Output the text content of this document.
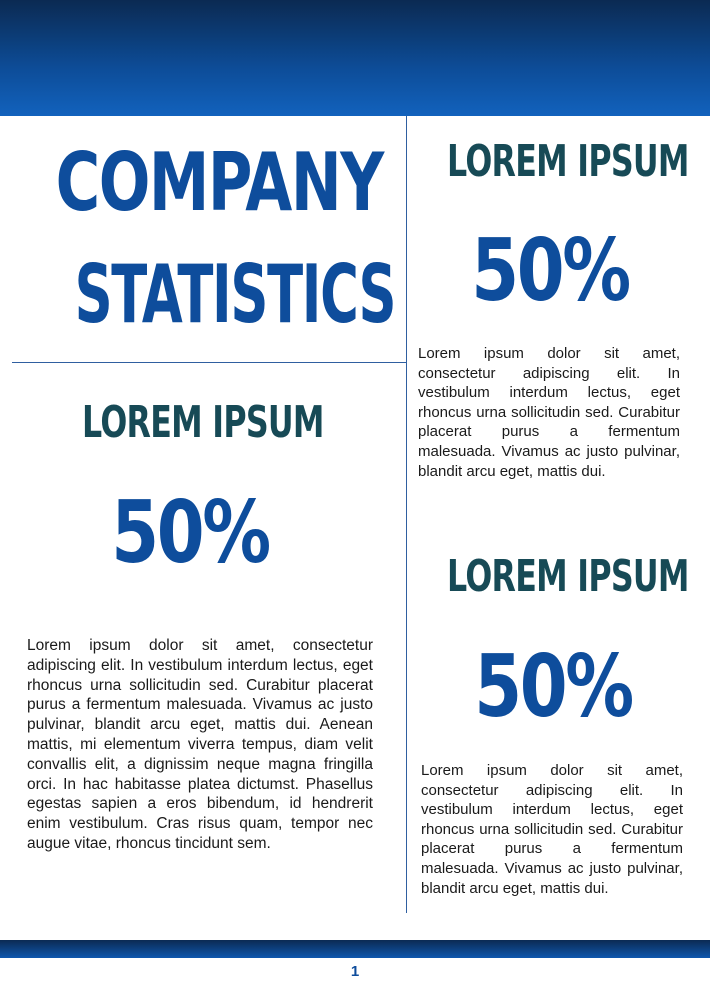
COMPANY
STATISTICS
LOREM IPSUM
50%

Lorem ipsum dolor sit amet, consectetur adipiscing elit. In vestibulum interdum lectus, eget rhoncus urna sollicitudin sed. Curabitur placerat purus a fermentum malesuada. Vivamus ac justo pulvinar, blandit arcu eget, mattis dui. Aenean mattis, mi elementum viverra tempus, diam velit convallis elit, a dignissim neque magna fringilla orci. In hac habitasse platea dictumst. Phasellus egestas sapien a eros bibendum, id hendrerit enim vestibulum. Cras risus quam, tempor nec augue vitae, rhoncus tincidunt sem.

LOREM IPSUM
50%

Lorem ipsum dolor sit amet, consectetur adipiscing elit. In vestibulum interdum lectus, eget rhoncus urna sollicitudin sed. Curabitur placerat purus a fermentum malesuada. Vivamus ac justo pulvinar, blandit arcu eget, mattis dui.

LOREM IPSUM
50%

Lorem ipsum dolor sit amet, consectetur adipiscing elit. In vestibulum interdum lectus, eget rhoncus urna sollicitudin sed. Curabitur placerat purus a fermentum malesuada. Vivamus ac justo pulvinar, blandit arcu eget, mattis dui.

1
